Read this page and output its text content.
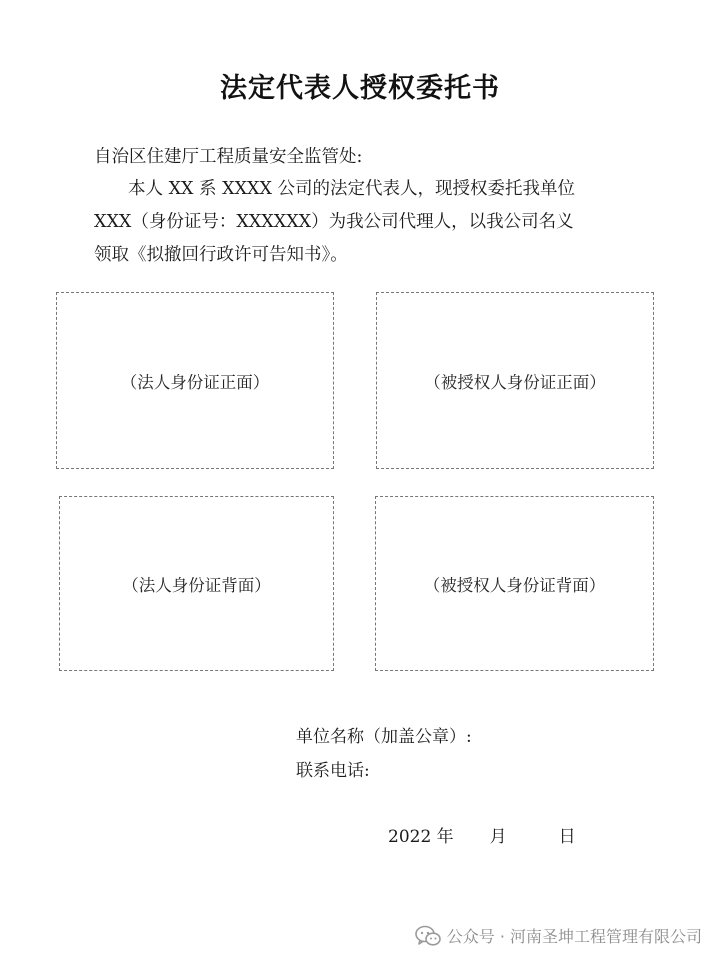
法定代表人授权委托书
自治区住建厅工程质量安全监管处:
本人 XX 系 XXXX 公司的法定代表人，现授权委托我单位
XXX（身份证号：XXXXXX）为我公司代理人，以我公司名义
领取《拟撤回行政许可告知书》。
（法人身份证正面）	（被授权人身份证正面）
（法人身份证背面）	（被授权人身份证背面）
单位名称（加盖公章）:
联系电话:
2022 年 月	日
公众号 · 河南圣坤工程管理有限公司
